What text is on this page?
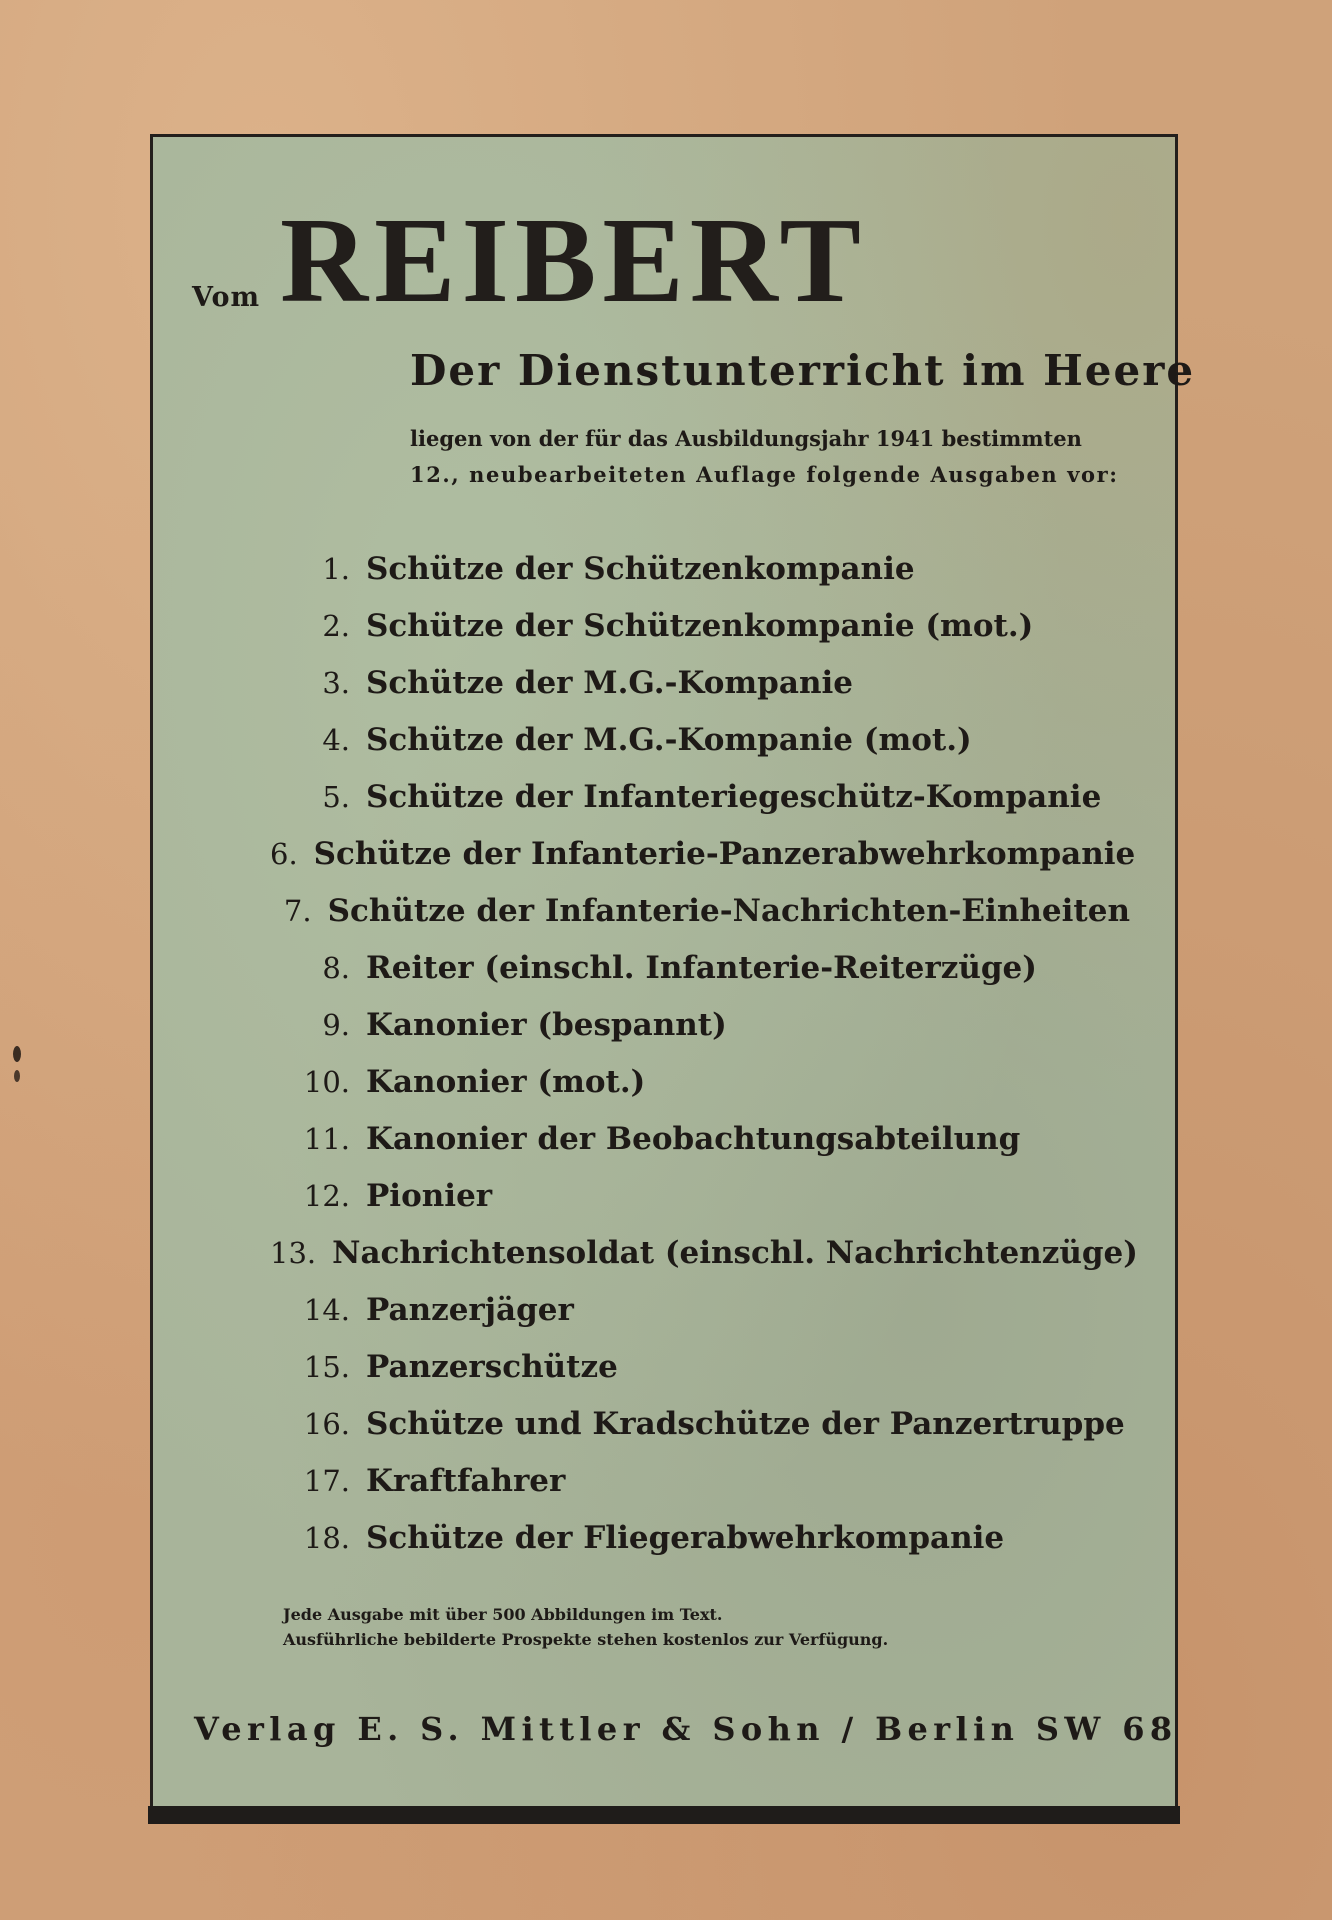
Vom REIBERT
Der Dienstunterricht im Heere
liegen von der für das Ausbildungsjahr 1941 bestimmten
12., neubearbeiteten Auflage folgende Ausgaben vor:
1. Schütze der Schützenkompanie
2. Schütze der Schützenkompanie (mot.)
3. Schütze der M.G.-Kompanie
4. Schütze der M.G.-Kompanie (mot.)
5. Schütze der Infanteriegeschütz-Kompanie
6. Schütze der Infanterie-Panzerabwehrkompanie
7. Schütze der Infanterie-Nachrichten-Einheiten
8. Reiter (einschl. Infanterie-Reiterzüge)
9. Kanonier (bespannt)
10. Kanonier (mot.)
11. Kanonier der Beobachtungsabteilung
12. Pionier
13. Nachrichtensoldat (einschl. Nachrichtenzüge)
14. Panzerjäger
15. Panzerschütze
16. Schütze und Kradschütze der Panzertruppe
17. Kraftfahrer
18. Schütze der Fliegerabwehrkompanie
Jede Ausgabe mit über 500 Abbildungen im Text.
Ausführliche bebilderte Prospekte stehen kostenlos zur Verfügung.
Verlag E. S. Mittler & Sohn / Berlin SW 68
